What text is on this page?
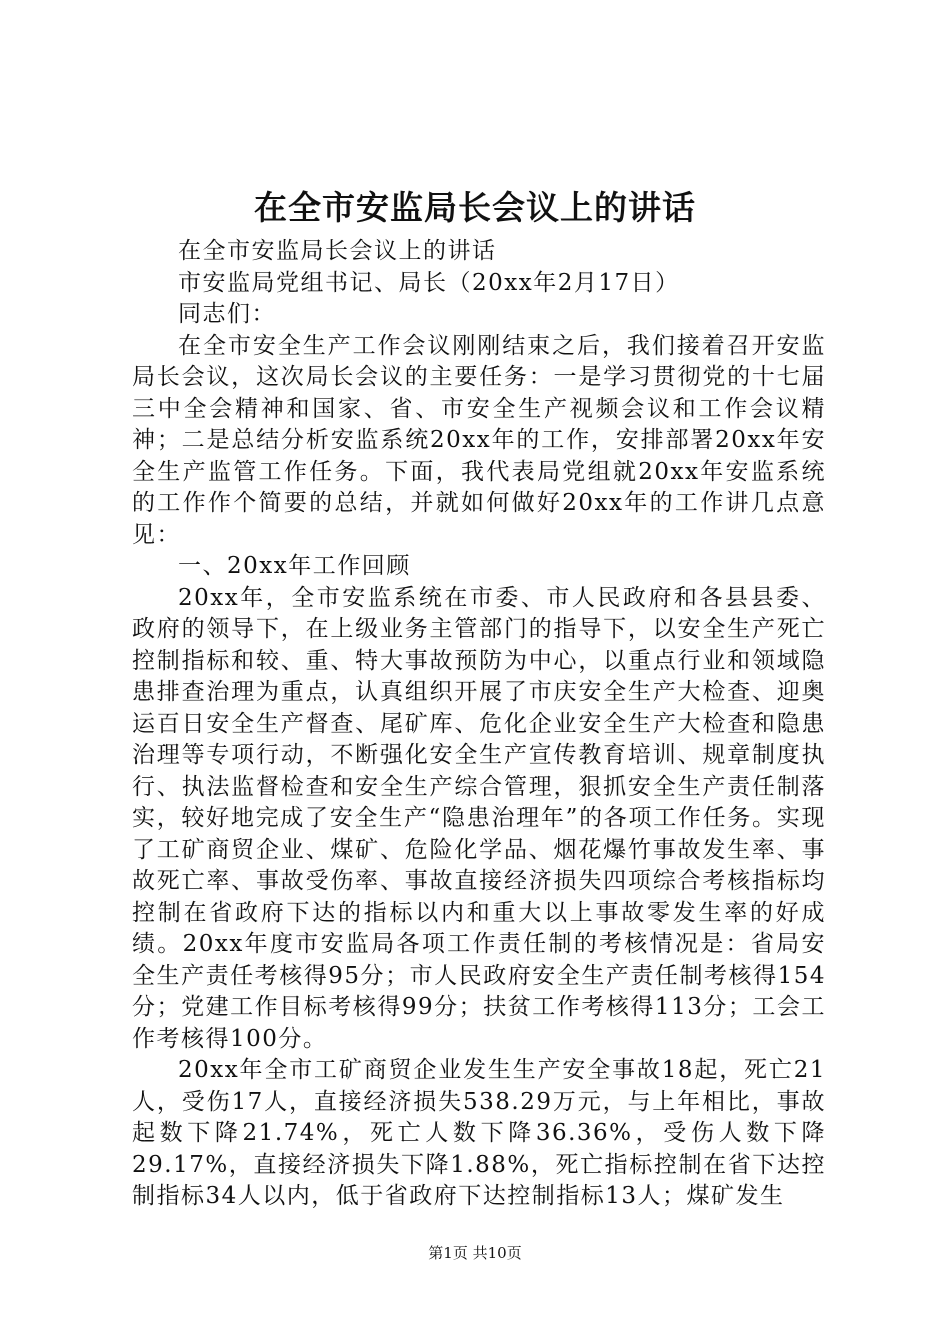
在全市安监局长会议上的讲话

在全市安监局长会议上的讲话

市安监局党组书记、局长（20xx年2月17日）

同志们：

在全市安全生产工作会议刚刚结束之后，我们接着召开安监局长会议，这次局长会议的主要任务：一是学习贯彻党的十七届三中全会精神和国家、省、市安全生产视频会议和工作会议精神；二是总结分析安监系统20xx年的工作，安排部署20xx年安全生产监管工作任务。下面，我代表局党组就20xx年安监系统的工作作个简要的总结，并就如何做好20xx年的工作讲几点意见：

一、20xx年工作回顾

20xx年，全市安监系统在市委、市人民政府和各县县委、政府的领导下，在上级业务主管部门的指导下，以安全生产死亡控制指标和较、重、特大事故预防为中心，以重点行业和领域隐患排查治理为重点，认真组织开展了市庆安全生产大检查、迎奥运百日安全生产督查、尾矿库、危化企业安全生产大检查和隐患治理等专项行动，不断强化安全生产宣传教育培训、规章制度执行、执法监督检查和安全生产综合管理，狠抓安全生产责任制落实，较好地完成了安全生产“隐患治理年”的各项工作任务。实现了工矿商贸企业、煤矿、危险化学品、烟花爆竹事故发生率、事故死亡率、事故受伤率、事故直接经济损失四项综合考核指标均控制在省政府下达的指标以内和重大以上事故零发生率的好成绩。20xx年度市安监局各项工作责任制的考核情况是：省局安全生产责任考核得95分；市人民政府安全生产责任制考核得154分；党建工作目标考核得99分；扶贫工作考核得113分；工会工作考核得100分。

20xx年全市工矿商贸企业发生生产安全事故18起，死亡21人，受伤17人，直接经济损失538.29万元，与上年相比，事故起数下降21.74%，死亡人数下降36.36%，受伤人数下降29.17%，直接经济损失下降1.88%，死亡指标控制在省下达控制指标34人以内，低于省政府下达控制指标13人；煤矿发生

第1页 共10页
